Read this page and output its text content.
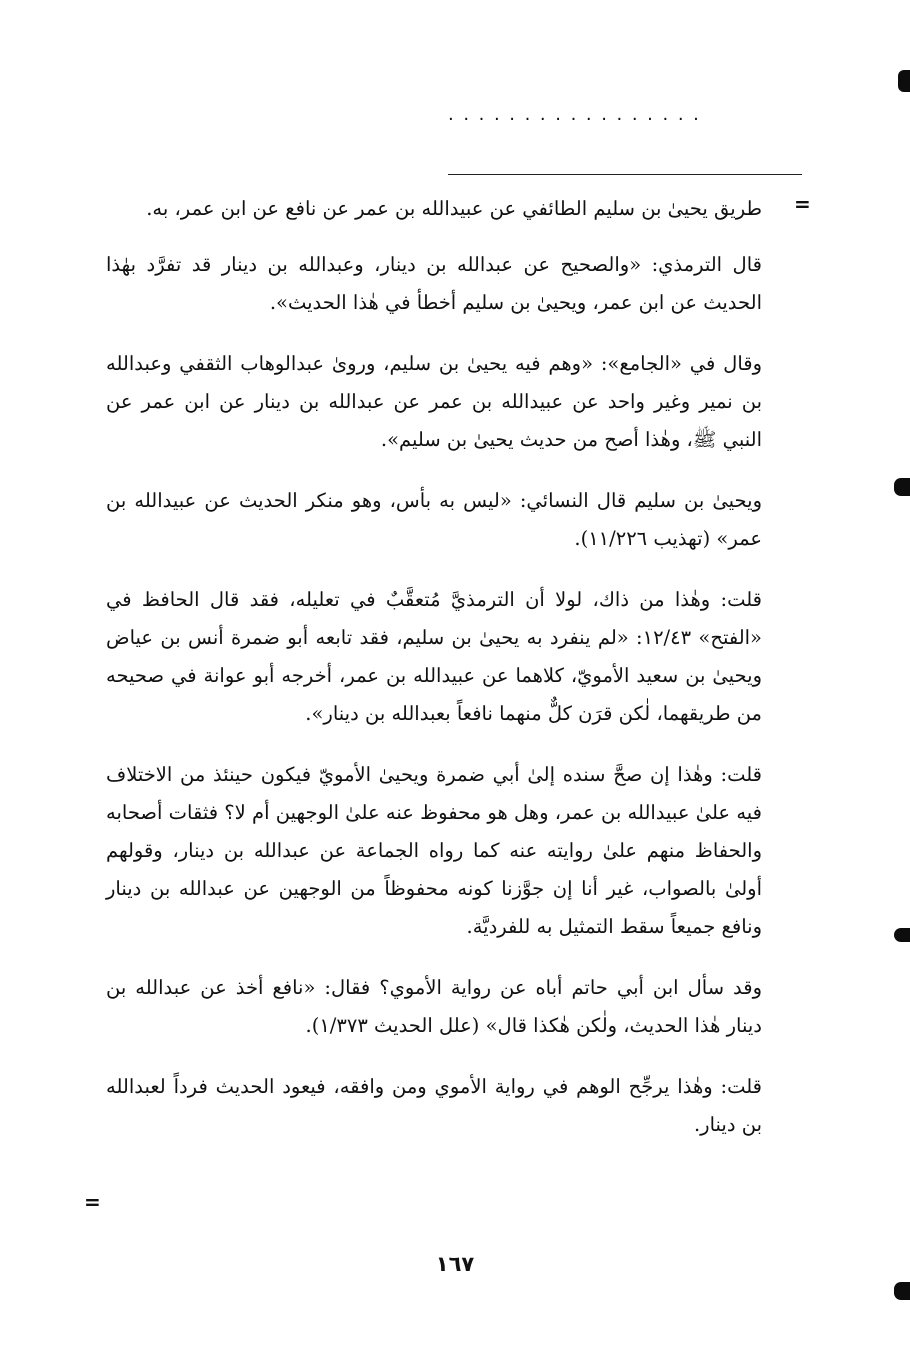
.................
=
=

طريق يحيىٰ بن سليم الطائفي عن عبيدالله بن عمر عن نافع عن ابن عمر، به.

قال الترمذي: «والصحيح عن عبدالله بن دينار، وعبدالله بن دينار قد تفرَّد بهٰذا الحديث عن ابن عمر، ويحيىٰ بن سليم أخطأ في هٰذا الحديث».

وقال في «الجامع»: «وهم فيه يحيىٰ بن سليم، وروىٰ عبدالوهاب الثقفي وعبدالله بن نمير وغير واحد عن عبيدالله بن عمر عن عبدالله بن دينار عن ابن عمر عن النبي ﷺ، وهٰذا أصح من حديث يحيىٰ بن سليم».

ويحيىٰ بن سليم قال النسائي: «ليس به بأس، وهو منكر الحديث عن عبيدالله بن عمر» (تهذيب ١١/٢٢٦).

قلت: وهٰذا من ذاك، لولا أن الترمذيَّ مُتعقَّبٌ في تعليله، فقد قال الحافظ في «الفتح» ١٢/٤٣: «لم ينفرد به يحيىٰ بن سليم، فقد تابعه أبو ضمرة أنس بن عياض ويحيىٰ بن سعيد الأمويّ، كلاهما عن عبيدالله بن عمر، أخرجه أبو عوانة في صحيحه من طريقهما، لٰكن قرَن كلٌّ منهما نافعاً بعبدالله بن دينار».

قلت: وهٰذا إن صحَّ سنده إلىٰ أبي ضمرة ويحيىٰ الأمويّ فيكون حينئذ من الاختلاف فيه علىٰ عبيدالله بن عمر، وهل هو محفوظ عنه علىٰ الوجهين أم لا؟ فثقات أصحابه والحفاظ منهم علىٰ روايته عنه كما رواه الجماعة عن عبدالله بن دينار، وقولهم أولىٰ بالصواب، غير أنا إن جوَّزنا كونه محفوظاً من الوجهين عن عبدالله بن دينار ونافع جميعاً سقط التمثيل به للفرديَّة.

وقد سأل ابن أبي حاتم أباه عن رواية الأموي؟ فقال: «نافع أخذ عن عبدالله بن دينار هٰذا الحديث، ولٰكن هٰكذا قال» (علل الحديث ١/٣٧٣).

قلت: وهٰذا يرجِّح الوهم في رواية الأموي ومن وافقه، فيعود الحديث فرداً لعبدالله بن دينار.

١٦٧
